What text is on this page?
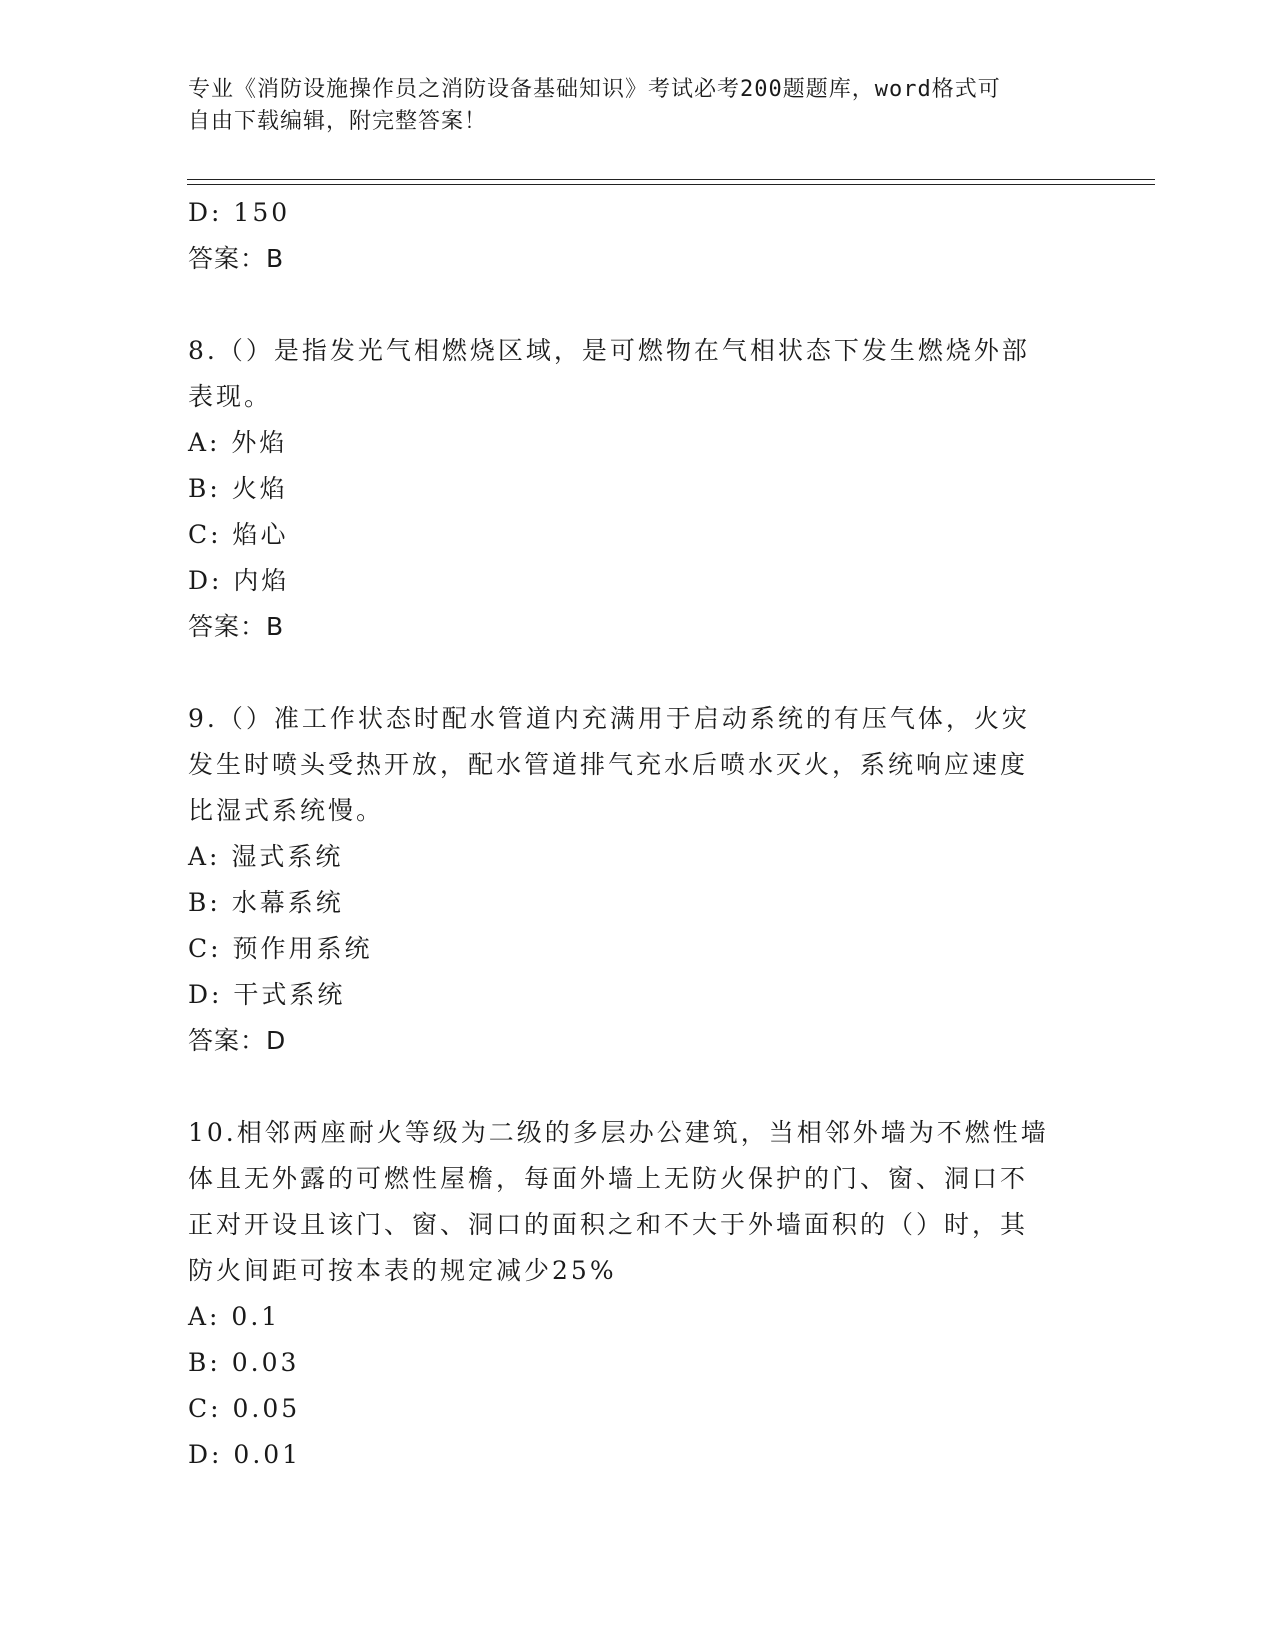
专业《消防设施操作员之消防设备基础知识》考试必考200题题库，word格式可
自由下载编辑，附完整答案！
D: 150
答案：B
8.（）是指发光气相燃烧区域，是可燃物在气相状态下发生燃烧外部
表现。
A: 外焰
B: 火焰
C: 焰心
D: 内焰
答案：B
9.（）准工作状态时配水管道内充满用于启动系统的有压气体，火灾
发生时喷头受热开放，配水管道排气充水后喷水灭火，系统响应速度
比湿式系统慢。
A: 湿式系统
B: 水幕系统
C: 预作用系统
D: 干式系统
答案：D
10.相邻两座耐火等级为二级的多层办公建筑，当相邻外墙为不燃性墙
体且无外露的可燃性屋檐，每面外墙上无防火保护的门、窗、洞口不
正对开设且该门、窗、洞口的面积之和不大于外墙面积的（）时，其
防火间距可按本表的规定减少25%
A: 0.1
B: 0.03
C: 0.05
D: 0.01
